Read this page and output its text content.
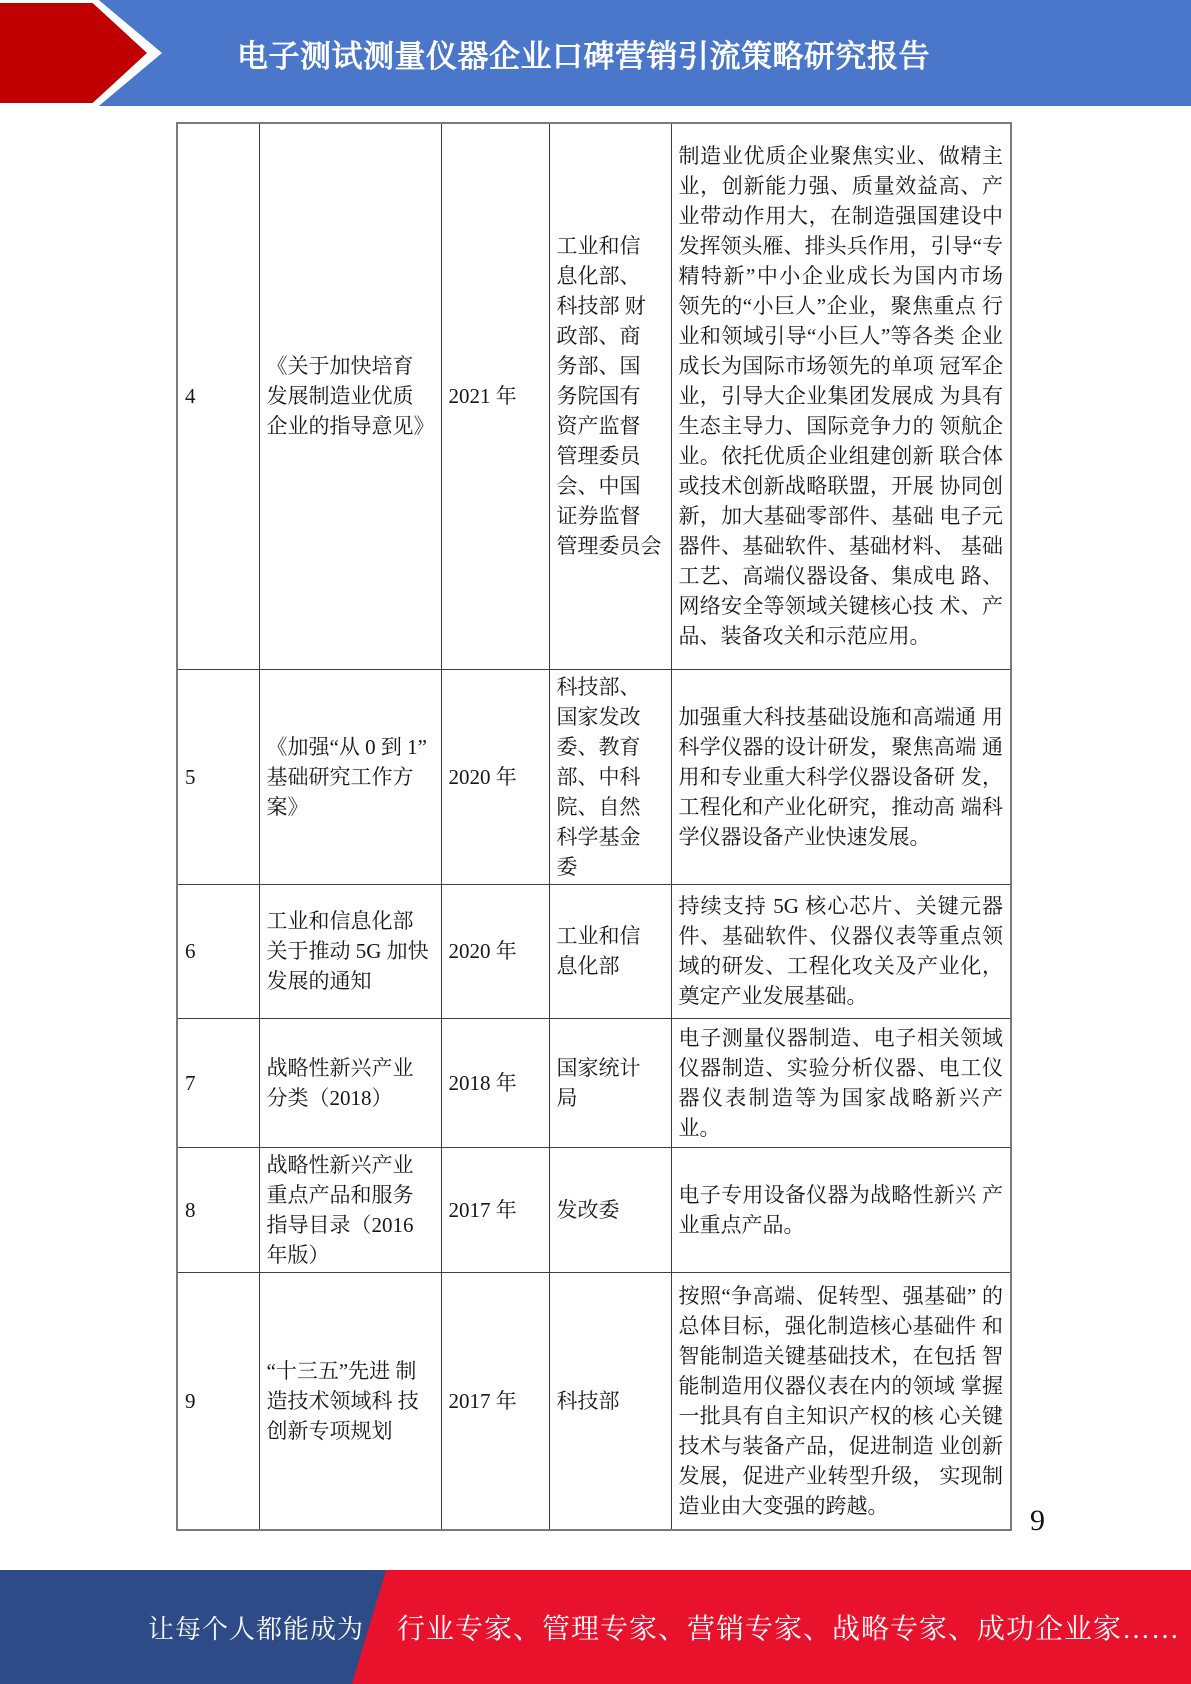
电子测试测量仪器企业口碑营销引流策略研究报告
4	《关于加快培育 发展制造业优质 企业的指导意见》	2021 年	工业和信 息化部、 科技部 财 政部、商 务部、国 务院国有 资产监督 管理委员会、中国 证券监督 管理委员会	制造业优质企业聚焦实业、做精主业，创新能力强、质量效益高、产业带动作用大，在制造强国建设中发挥领头雁、排头兵作用，引导“专精特新”中小企业成长为国内市场 领先的“小巨人”企业，聚焦重点 行业和领域引导“小巨人”等各类 企业成长为国际市场领先的单项 冠军企业，引导大企业集团发展成 为具有生态主导力、国际竞争力的 领航企业。依托优质企业组建创新 联合体或技术创新战略联盟，开展 协同创新，加大基础零部件、基础 电子元器件、基础软件、基础材料、 基础工艺、高端仪器设备、集成电 路、网络安全等领域关键核心技 术、产品、装备攻关和示范应用。
5	《加强“从 0 到 1” 基础研究工作方案》	2020 年	科技部、 国家发改 委、教育 部、中科 院、自然 科学基金 委	加强重大科技基础设施和高端通 用科学仪器的设计研发，聚焦高端 通用和专业重大科学仪器设备研 发，工程化和产业化研究，推动高 端科学仪器设备产业快速发展。
6	工业和信息化部 关于推动 5G 加快 发展的通知	2020 年	工业和信 息化部	持续支持 5G 核心芯片、关键元器件、基础软件、仪器仪表等重点领域的研发、工程化攻关及产业化，奠定产业发展基础。
7	战略性新兴产业 分类（2018）	2018 年	国家统计 局	电子测量仪器制造、电子相关领域仪器制造、实验分析仪器、电工仪器仪表制造等为国家战略新兴产业。
8	战略性新兴产业 重点产品和服务 指导目录（2016 年版）	2017 年	发改委	电子专用设备仪器为战略性新兴 产业重点产品。
9	“十三五”先进 制造技术领域科 技创新专项规划	2017 年	科技部	按照“争高端、促转型、强基础” 的总体目标，强化制造核心基础件 和智能制造关键基础技术，在包括 智能制造用仪器仪表在内的领域 掌握一批具有自主知识产权的核 心关键技术与装备产品，促进制造 业创新发展，促进产业转型升级， 实现制造业由大变强的跨越。	9
让每个人都能成为 行业专家、管理专家、营销专家、战略专家、成功企业家……
